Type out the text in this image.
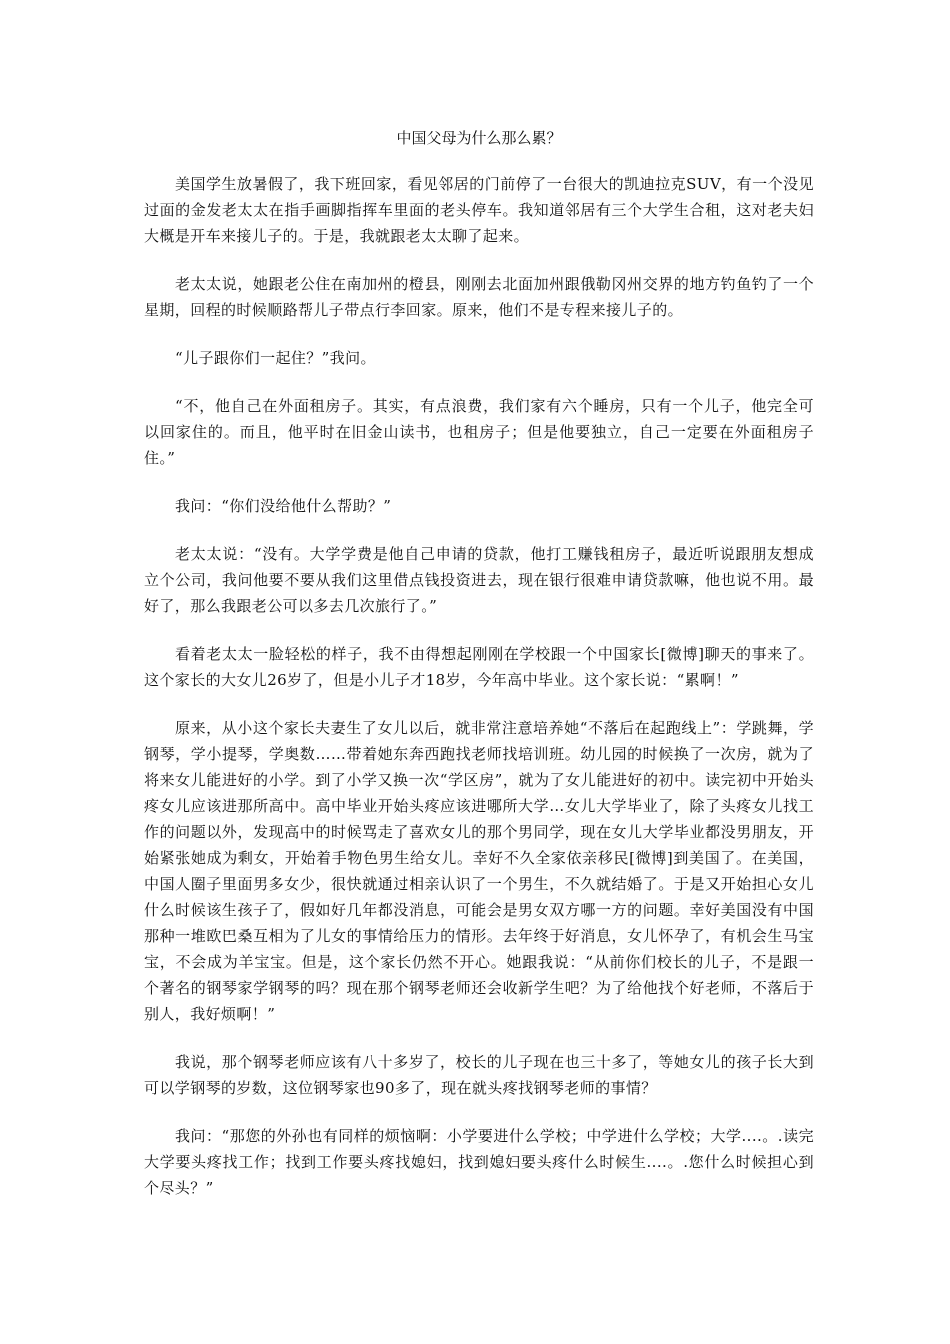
中国父母为什么那么累？

美国学生放暑假了，我下班回家，看见邻居的门前停了一台很大的凯迪拉克SUV，有一个没见过面的金发老太太在指手画脚指挥车里面的老头停车。我知道邻居有三个大学生合租，这对老夫妇大概是开车来接儿子的。于是，我就跟老太太聊了起来。

老太太说，她跟老公住在南加州的橙县，刚刚去北面加州跟俄勒冈州交界的地方钓鱼钓了一个星期，回程的时候顺路帮儿子带点行李回家。原来，他们不是专程来接儿子的。

“儿子跟你们一起住？”我问。

“不，他自己在外面租房子。其实，有点浪费，我们家有六个睡房，只有一个儿子，他完全可以回家住的。而且，他平时在旧金山读书，也租房子；但是他要独立，自己一定要在外面租房子住。”

我问：“你们没给他什么帮助？”

老太太说：“没有。大学学费是他自己申请的贷款，他打工赚钱租房子，最近听说跟朋友想成立个公司，我问他要不要从我们这里借点钱投资进去，现在银行很难申请贷款嘛，他也说不用。最好了，那么我跟老公可以多去几次旅行了。”

看着老太太一脸轻松的样子，我不由得想起刚刚在学校跟一个中国家长[微博]聊天的事来了。这个家长的大女儿26岁了，但是小儿子才18岁，今年高中毕业。这个家长说：“累啊！”

原来，从小这个家长夫妻生了女儿以后，就非常注意培养她“不落后在起跑线上”：学跳舞，学钢琴，学小提琴，学奥数……带着她东奔西跑找老师找培训班。幼儿园的时候换了一次房，就为了将来女儿能进好的小学。到了小学又换一次“学区房”，就为了女儿能进好的初中。读完初中开始头疼女儿应该进那所高中。高中毕业开始头疼应该进哪所大学…女儿大学毕业了，除了头疼女儿找工作的问题以外，发现高中的时候骂走了喜欢女儿的那个男同学，现在女儿大学毕业都没男朋友，开始紧张她成为剩女，开始着手物色男生给女儿。幸好不久全家依亲移民[微博]到美国了。在美国，中国人圈子里面男多女少，很快就通过相亲认识了一个男生，不久就结婚了。于是又开始担心女儿什么时候该生孩子了，假如好几年都没消息，可能会是男女双方哪一方的问题。幸好美国没有中国那种一堆欧巴桑互相为了儿女的事情给压力的情形。去年终于好消息，女儿怀孕了，有机会生马宝宝，不会成为羊宝宝。但是，这个家长仍然不开心。她跟我说：“从前你们校长的儿子，不是跟一个著名的钢琴家学钢琴的吗？现在那个钢琴老师还会收新学生吧？为了给他找个好老师，不落后于别人，我好烦啊！”

我说，那个钢琴老师应该有八十多岁了，校长的儿子现在也三十多了，等她女儿的孩子长大到可以学钢琴的岁数，这位钢琴家也90多了，现在就头疼找钢琴老师的事情？

我问：“那您的外孙也有同样的烦恼啊：小学要进什么学校；中学进什么学校；大学....。.读完大学要头疼找工作；找到工作要头疼找媳妇，找到媳妇要头疼什么时候生....。.您什么时候担心到个尽头？”
